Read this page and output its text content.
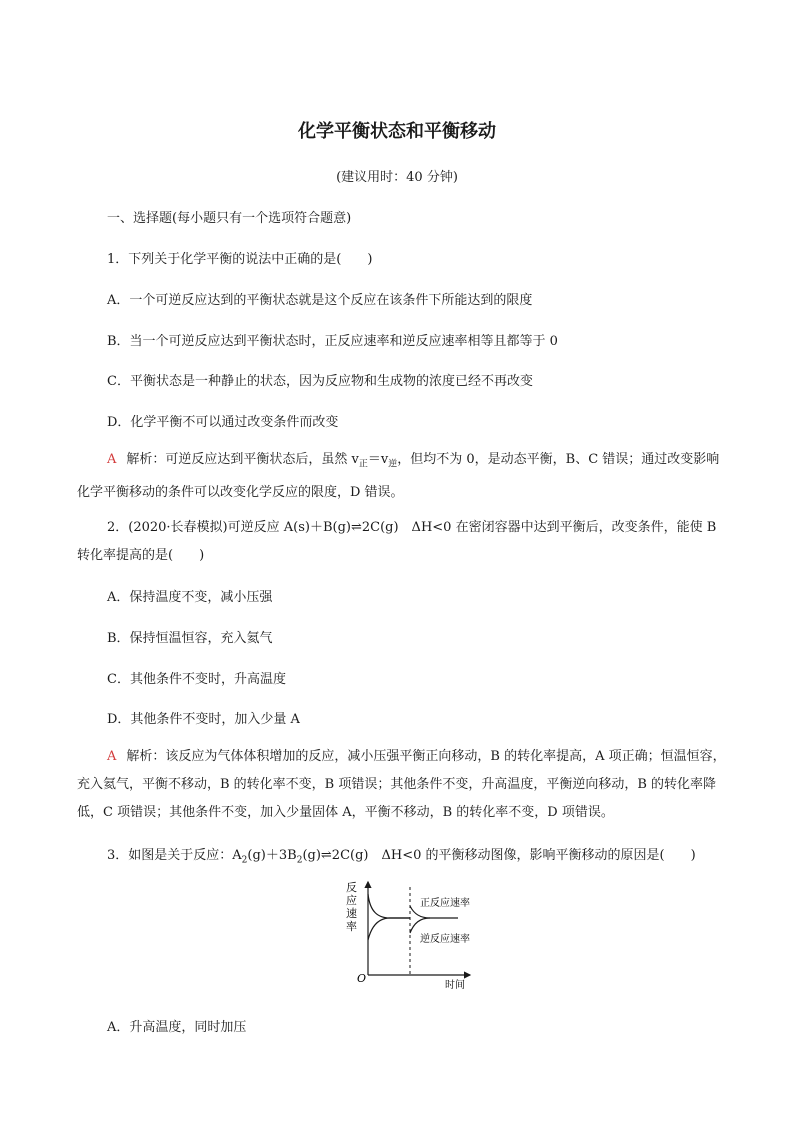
化学平衡状态和平衡移动
(建议用时：40 分钟)
一、选择题(每小题只有一个选项符合题意)
1．下列关于化学平衡的说法中正确的是(　　)
A．一个可逆反应达到的平衡状态就是这个反应在该条件下所能达到的限度
B．当一个可逆反应达到平衡状态时，正反应速率和逆反应速率相等且都等于 0
C．平衡状态是一种静止的状态，因为反应物和生成物的浓度已经不再改变
D．化学平衡不可以通过改变条件而改变
A 解析：可逆反应达到平衡状态后，虽然 $v_正=v_逆$，但均不为 0，是动态平衡，B、C 错误；通过改变影响化学平衡移动的条件可以改变化学反应的限度，D 错误。
2．(2020·长春模拟)可逆反应 A(s)＋B(g)⇌2C(g)　ΔH<0 在密闭容器中达到平衡后，改变条件，能使 B 转化率提高的是(　　)
A．保持温度不变，减小压强
B．保持恒温恒容，充入氦气
C．其他条件不变时，升高温度
D．其他条件不变时，加入少量 A
A 解析：该反应为气体体积增加的反应，减小压强平衡正向移动，B 的转化率提高，A 项正确；恒温恒容，充入氦气，平衡不移动，B 的转化率不变，B 项错误；其他条件不变，升高温度，平衡逆向移动，B 的转化率降低，C 项错误；其他条件不变，加入少量固体 A，平衡不移动，B 的转化率不变，D 项错误。
3．如图是关于反应：$A_2(g)+3B_2(g)\rightleftharpoons 2C(g)$　ΔH<0 的平衡移动图像，影响平衡移动的原因是(　　)
反
应
速
率
正反应速率
逆反应速率
O
时间
A．升高温度，同时加压
